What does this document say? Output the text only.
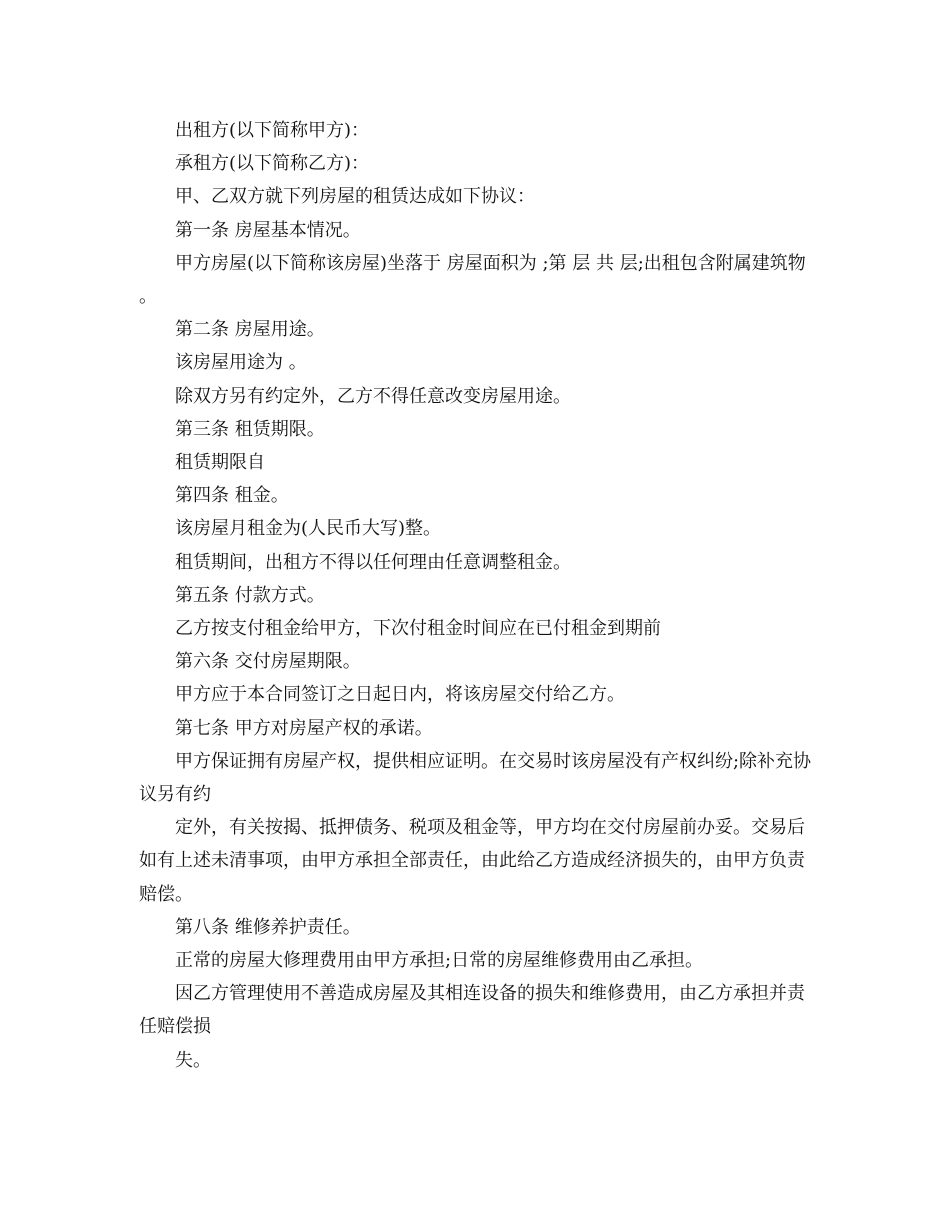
出租方(以下简称甲方)：

承租方(以下简称乙方)：

甲、乙双方就下列房屋的租赁达成如下协议：

第一条 房屋基本情况。

甲方房屋(以下简称该房屋)坐落于 房屋面积为 ;第 层 共 层;出租包含附属建筑物 。

第二条 房屋用途。

该房屋用途为 。

除双方另有约定外，乙方不得任意改变房屋用途。

第三条 租赁期限。

租赁期限自

第四条 租金。

该房屋月租金为(人民币大写)整。

租赁期间，出租方不得以任何理由任意调整租金。

第五条 付款方式。

乙方按支付租金给甲方，下次付租金时间应在已付租金到期前

第六条 交付房屋期限。

甲方应于本合同签订之日起日内，将该房屋交付给乙方。

第七条 甲方对房屋产权的承诺。

甲方保证拥有房屋产权，提供相应证明。在交易时该房屋没有产权纠纷;除补充协议另有约

定外，有关按揭、抵押债务、税项及租金等，甲方均在交付房屋前办妥。交易后如有上述未清事项，由甲方承担全部责任，由此给乙方造成经济损失的，由甲方负责赔偿。

第八条 维修养护责任。

正常的房屋大修理费用由甲方承担;日常的房屋维修费用由乙承担。

因乙方管理使用不善造成房屋及其相连设备的损失和维修费用，由乙方承担并责任赔偿损

失。
